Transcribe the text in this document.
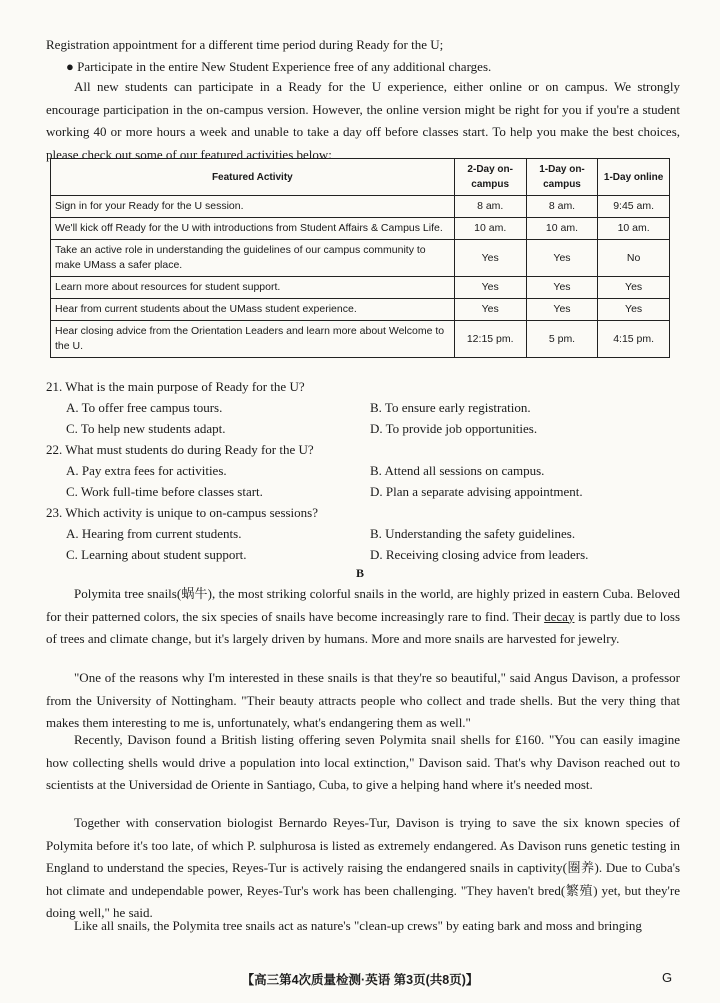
Registration appointment for a different time period during Ready for the U;
● Participate in the entire New Student Experience free of any additional charges.
All new students can participate in a Ready for the U experience, either online or on campus. We strongly encourage participation in the on-campus version. However, the online version might be right for you if you're a student working 40 or more hours a week and unable to take a day off before classes start. To help you make the best choices, please check out some of our featured activities below:
Featured Activity	2-Day on-campus	1-Day on-campus	1-Day online
Sign in for your Ready for the U session.	8 am.	8 am.	9:45 am.
We'll kick off Ready for the U with introductions from Student Affairs & Campus Life.	10 am.	10 am.	10 am.
Take an active role in understanding the guidelines of our campus community to make UMass a safer place.	Yes	Yes	No
Learn more about resources for student support.	Yes	Yes	Yes
Hear from current students about the UMass student experience.	Yes	Yes	Yes
Hear closing advice from the Orientation Leaders and learn more about Welcome to the U.	12:15 pm.	5 pm.	4:15 pm.
21. What is the main purpose of Ready for the U?
A. To offer free campus tours.	B. To ensure early registration.
C. To help new students adapt.	D. To provide job opportunities.
22. What must students do during Ready for the U?
A. Pay extra fees for activities.	B. Attend all sessions on campus.
C. Work full-time before classes start.	D. Plan a separate advising appointment.
23. Which activity is unique to on-campus sessions?
A. Hearing from current students.	B. Understanding the safety guidelines.
C. Learning about student support.	D. Receiving closing advice from leaders.
B
Polymita tree snails(蜗牛), the most striking colorful snails in the world, are highly prized in eastern Cuba. Beloved for their patterned colors, the six species of snails have become increasingly rare to find. Their decay is partly due to loss of trees and climate change, but it's largely driven by humans. More and more snails are harvested for jewelry.
"One of the reasons why I'm interested in these snails is that they're so beautiful," said Angus Davison, a professor from the University of Nottingham. "Their beauty attracts people who collect and trade shells. But the very thing that makes them interesting to me is, unfortunately, what's endangering them as well."
Recently, Davison found a British listing offering seven Polymita snail shells for ₤160. "You can easily imagine how collecting shells would drive a population into local extinction," Davison said. That's why Davison reached out to scientists at the Universidad de Oriente in Santiago, Cuba, to give a helping hand where it's needed most.
Together with conservation biologist Bernardo Reyes-Tur, Davison is trying to save the six known species of Polymita before it's too late, of which P. sulphurosa is listed as extremely endangered. As Davison runs genetic testing in England to understand the species, Reyes-Tur is actively raising the endangered snails in captivity(圈养). Due to Cuba's hot climate and undependable power, Reyes-Tur's work has been challenging. "They haven't bred(繁殖) yet, but they're doing well," he said.
Like all snails, the Polymita tree snails act as nature's "clean-up crews" by eating bark and moss and bringing
【高三第4次质量检测·英语 第3页(共8页)】	G
